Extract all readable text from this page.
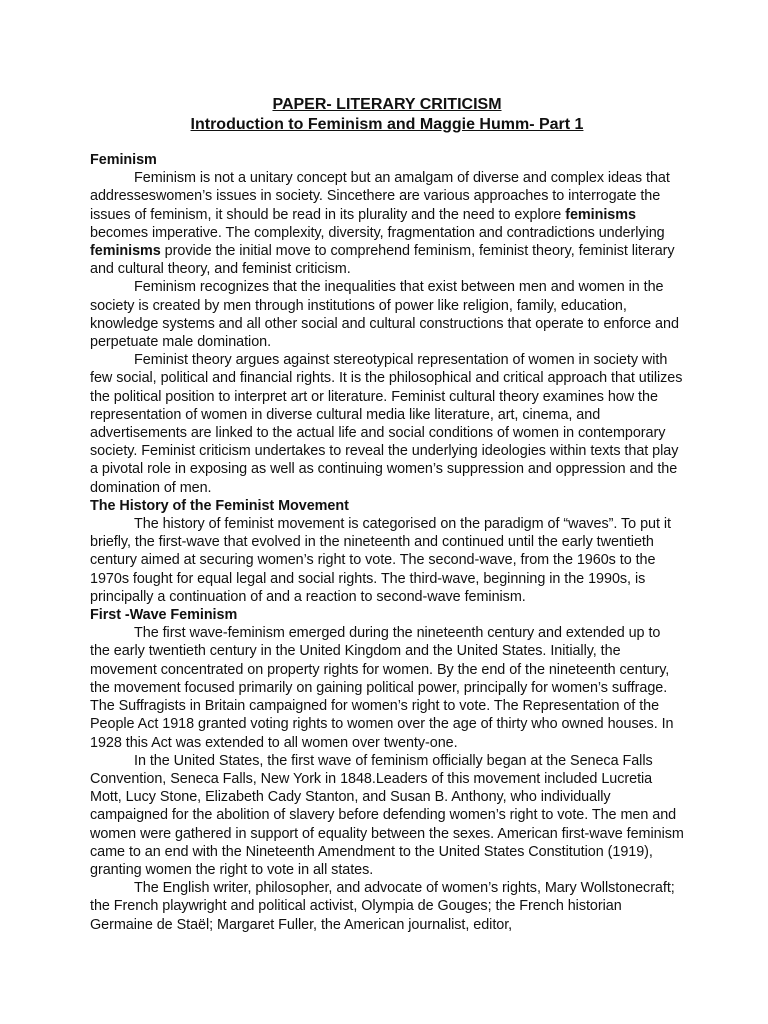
PAPER- LITERARY CRITICISM
Introduction to Feminism and Maggie Humm- Part 1

Feminism

Feminism is not a unitary concept but an amalgam of diverse and complex ideas that addresseswomen’s issues in society. Sincethere are various approaches to interrogate the issues of feminism, it should be read in its plurality and the need to explore feminisms becomes imperative. The complexity, diversity, fragmentation and contradictions underlying feminisms provide the initial move to comprehend feminism, feminist theory, feminist literary and cultural theory, and feminist criticism.

Feminism recognizes that the inequalities that exist between men and women in the society is created by men through institutions of power like religion, family, education, knowledge systems and all other social and cultural constructions that operate to enforce and perpetuate male domination.

Feminist theory argues against stereotypical representation of women in society with few social, political and financial rights. It is the philosophical and critical approach that utilizes the political position to interpret art or literature. Feminist cultural theory examines how the representation of women in diverse cultural media like literature, art, cinema, and advertisements are linked to the actual life and social conditions of women in contemporary society. Feminist criticism undertakes to reveal the underlying ideologies within texts that play a pivotal role in exposing as well as continuing women’s suppression and oppression and the domination of men.

The History of the Feminist Movement

The history of feminist movement is categorised on the paradigm of “waves”. To put it briefly, the first-wave that evolved in the nineteenth and continued until the early twentieth century aimed at securing women’s right to vote. The second-wave, from the 1960s to the 1970s fought for equal legal and social rights. The third-wave, beginning in the 1990s, is principally a continuation of and a reaction to second-wave feminism.

First -Wave Feminism

The first wave-feminism emerged during the nineteenth century and extended up to the early twentieth century in the United Kingdom and the United States. Initially, the movement concentrated on property rights for women. By the end of the nineteenth century, the movement focused primarily on gaining political power, principally for women’s suffrage. The Suffragists in Britain campaigned for women’s right to vote. The Representation of the People Act 1918 granted voting rights to women over the age of thirty who owned houses. In 1928 this Act was extended to all women over twenty-one.

In the United States, the first wave of feminism officially began at the Seneca Falls Convention, Seneca Falls, New York in 1848.Leaders of this movement included Lucretia Mott, Lucy Stone, Elizabeth Cady Stanton, and Susan B. Anthony, who individually campaigned for the abolition of slavery before defending women’s right to vote. The men and women were gathered in support of equality between the sexes. American first-wave feminism came to an end with the Nineteenth Amendment to the United States Constitution (1919), granting women the right to vote in all states.

The English writer, philosopher, and advocate of women’s rights, Mary Wollstonecraft; the French playwright and political activist, Olympia de Gouges; the French historian Germaine de Staël; Margaret Fuller, the American journalist, editor,
